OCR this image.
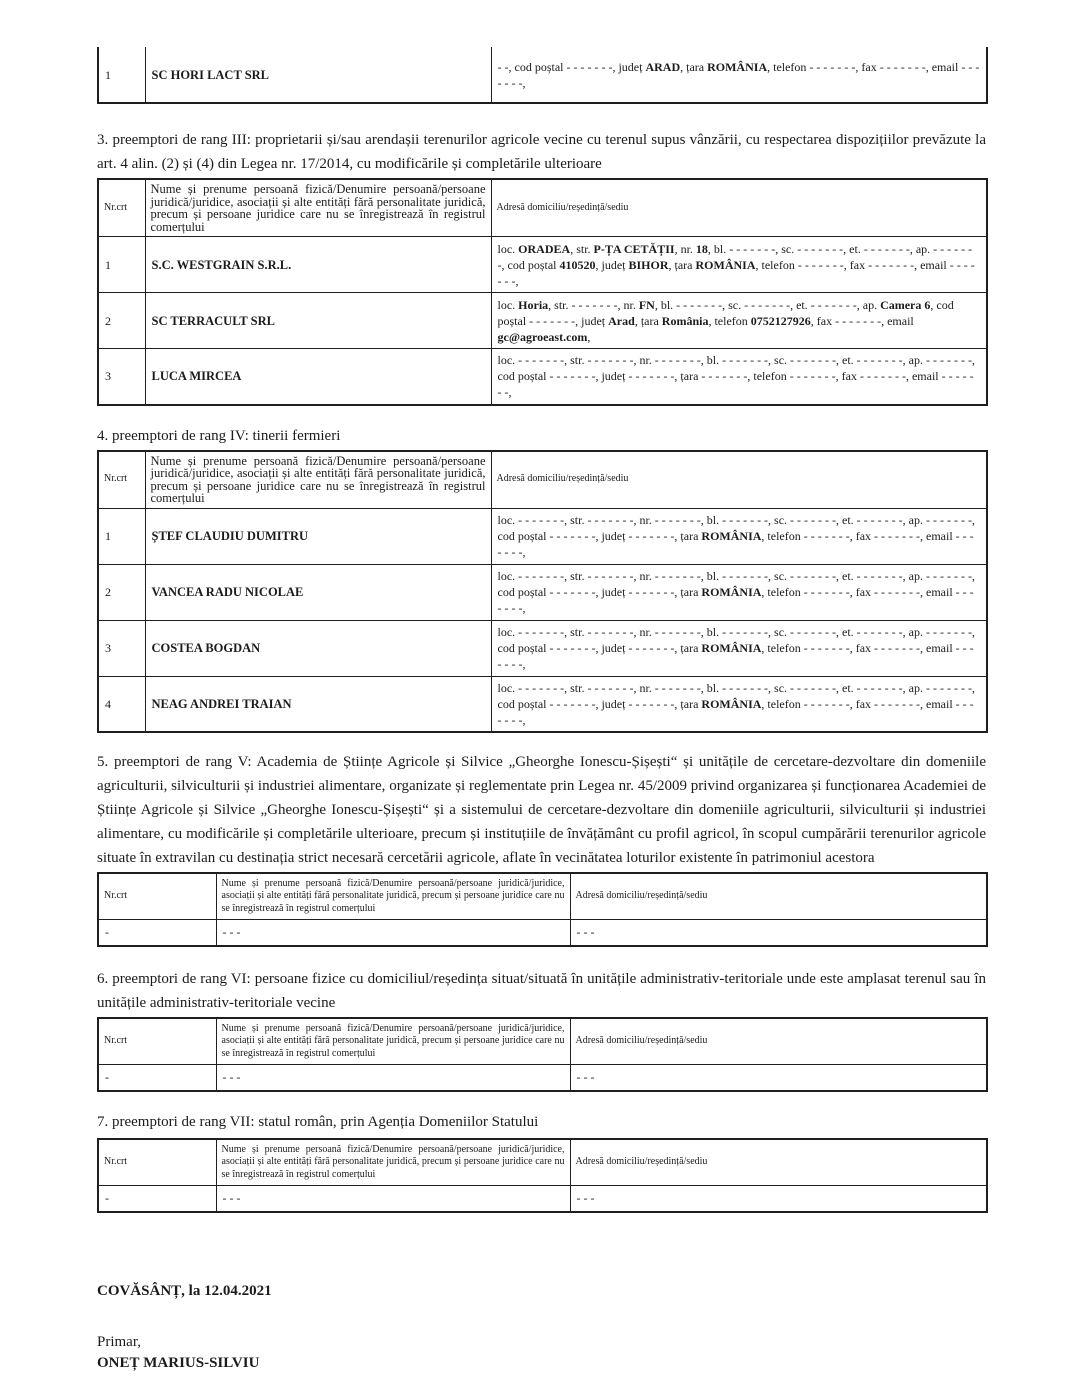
1	SC HORI LACT SRL	- -, cod poștal - - - - - - -, județ ARAD, țara ROMÂNIA, telefon - - - - - - -, fax - - - - - - -, email - - - - - - -,

3. preemptori de rang III: proprietarii și/sau arendașii terenurilor agricole vecine cu terenul supus vânzării, cu respectarea dispozițiilor prevăzute la art. 4 alin. (2) și (4) din Legea nr. 17/2014, cu modificările și completările ulterioare

Nr.crt	Nume și prenume persoană fizică/Denumire persoană/persoane juridică/juridice, asociații și alte entități fără personalitate juridică, precum și persoane juridice care nu se înregistrează în registrul comerțului	Adresă domiciliu/reședință/sediu
1	S.C. WESTGRAIN S.R.L.	loc. ORADEA, str. P-ȚA CETĂȚII, nr. 18, bl. - - - - - - -, sc. - - - - - - -, et. - - - - - - -, ap. - - - - - - -, cod poștal 410520, județ BIHOR, țara ROMÂNIA, telefon - - - - - - -, fax - - - - - - -, email - - - - - - -,
2	SC TERRACULT SRL	loc. Horia, str. - - - - - - -, nr. FN, bl. - - - - - - -, sc. - - - - - - -, et. - - - - - - -, ap. Camera 6, cod poștal - - - - - - -, județ Arad, țara România, telefon 0752127926, fax - - - - - - -, email gc@agroeast.com,
3	LUCA MIRCEA	loc. - - - - - - -, str. - - - - - - -, nr. - - - - - - -, bl. - - - - - - -, sc. - - - - - - -, et. - - - - - - -, ap. - - - - - - -, cod poștal - - - - - - -, județ - - - - - - -, țara - - - - - - -, telefon - - - - - - -, fax - - - - - - -, email - - - - - - -,

4. preemptori de rang IV: tinerii fermieri

Nr.crt	Nume și prenume persoană fizică/Denumire persoană/persoane juridică/juridice, asociații și alte entități fără personalitate juridică, precum și persoane juridice care nu se înregistrează în registrul comerțului	Adresă domiciliu/reședință/sediu
1	ȘTEF CLAUDIU DUMITRU	loc. - - - - - - -, str. - - - - - - -, nr. - - - - - - -, bl. - - - - - - -, sc. - - - - - - -, et. - - - - - - -, ap. - - - - - - -, cod poștal - - - - - - -, județ - - - - - - -, țara ROMÂNIA, telefon - - - - - - -, fax - - - - - - -, email - - - - - - -,
2	VANCEA RADU NICOLAE	loc. - - - - - - -, str. - - - - - - -, nr. - - - - - - -, bl. - - - - - - -, sc. - - - - - - -, et. - - - - - - -, ap. - - - - - - -, cod poștal - - - - - - -, județ - - - - - - -, țara ROMÂNIA, telefon - - - - - - -, fax - - - - - - -, email - - - - - - -,
3	COSTEA BOGDAN	loc. - - - - - - -, str. - - - - - - -, nr. - - - - - - -, bl. - - - - - - -, sc. - - - - - - -, et. - - - - - - -, ap. - - - - - - -, cod poștal - - - - - - -, județ - - - - - - -, țara ROMÂNIA, telefon - - - - - - -, fax - - - - - - -, email - - - - - - -,
4	NEAG ANDREI TRAIAN	loc. - - - - - - -, str. - - - - - - -, nr. - - - - - - -, bl. - - - - - - -, sc. - - - - - - -, et. - - - - - - -, ap. - - - - - - -, cod poștal - - - - - - -, județ - - - - - - -, țara ROMÂNIA, telefon - - - - - - -, fax - - - - - - -, email - - - - - - -,

5. preemptori de rang V: Academia de Științe Agricole și Silvice „Gheorghe Ionescu-Șișești“ și unitățile de cercetare-dezvoltare din domeniile agriculturii, silviculturii și industriei alimentare, organizate și reglementate prin Legea nr. 45/2009 privind organizarea și funcționarea Academiei de Științe Agricole și Silvice „Gheorghe Ionescu-Șișești“ și a sistemului de cercetare-dezvoltare din domeniile agriculturii, silviculturii și industriei alimentare, cu modificările și completările ulterioare, precum și instituțiile de învățământ cu profil agricol, în scopul cumpărării terenurilor agricole situate în extravilan cu destinația strict necesară cercetării agricole, aflate în vecinătatea loturilor existente în patrimoniul acestora

Nr.crt	Nume și prenume persoană fizică/Denumire persoană/persoane juridică/juridice, asociații și alte entități fără personalitate juridică, precum și persoane juridice care nu se înregistrează în registrul comerțului	Adresă domiciliu/reședință/sediu
-	- - -	- - -

6. preemptori de rang VI: persoane fizice cu domiciliul/reședința situat/situată în unitățile administrativ-teritoriale unde este amplasat terenul sau în unitățile administrativ-teritoriale vecine

Nr.crt	Nume și prenume persoană fizică/Denumire persoană/persoane juridică/juridice, asociații și alte entități fără personalitate juridică, precum și persoane juridice care nu se înregistrează în registrul comerțului	Adresă domiciliu/reședință/sediu
-	- - -	- - -

7. preemptori de rang VII: statul român, prin Agenția Domeniilor Statului

Nr.crt	Nume și prenume persoană fizică/Denumire persoană/persoane juridică/juridice, asociații și alte entități fără personalitate juridică, precum și persoane juridice care nu se înregistrează în registrul comerțului	Adresă domiciliu/reședință/sediu
-	- - -	- - -

COVĂSÂNȚ, la 12.04.2021

Primar,

ONEȚ MARIUS-SILVIU
